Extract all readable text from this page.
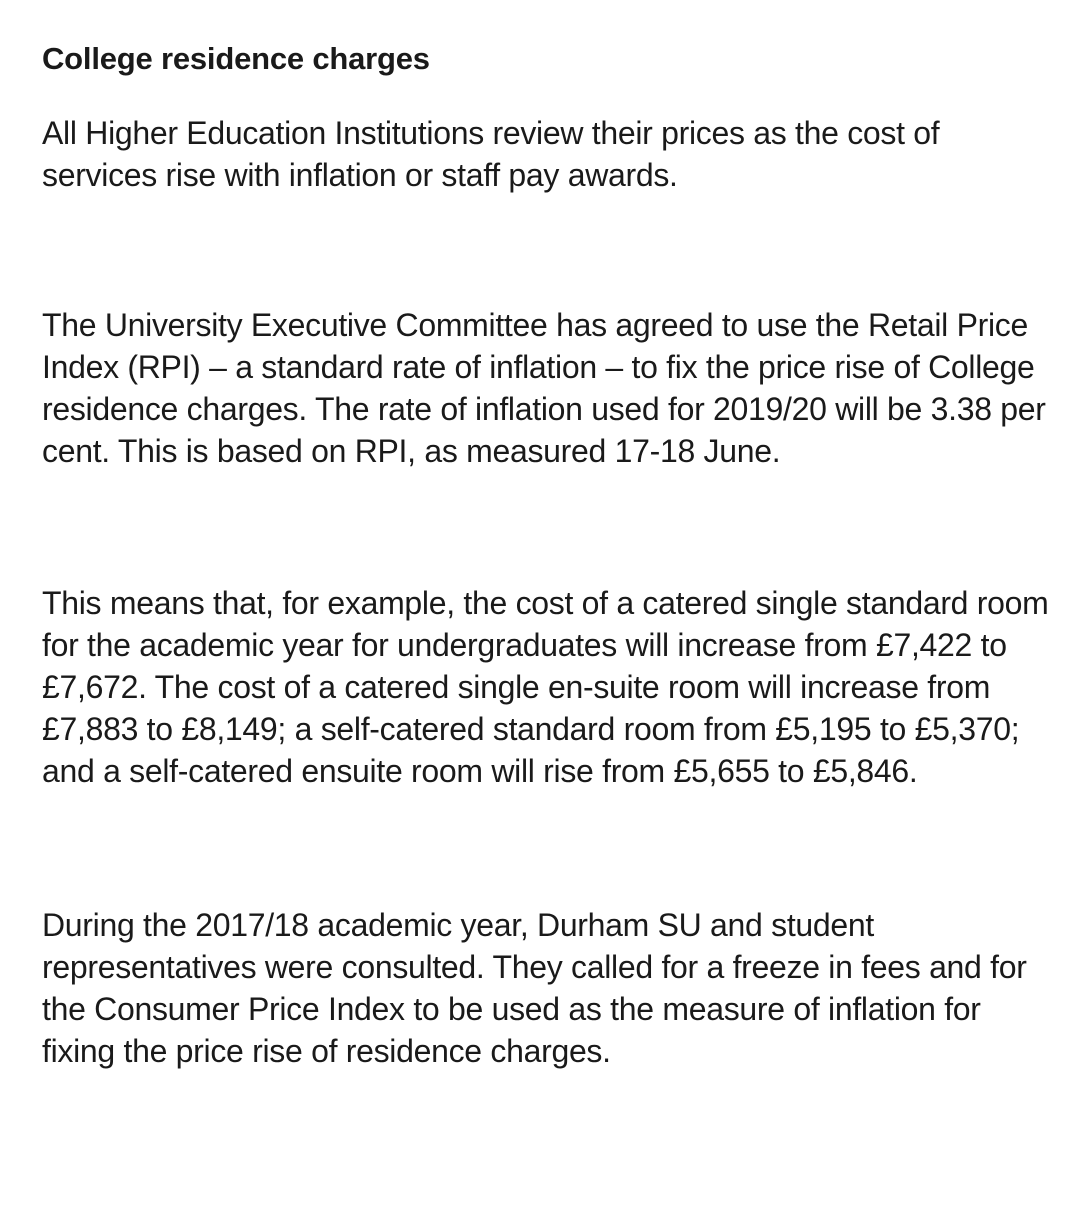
College residence charges

All Higher Education Institutions review their prices as the cost of services rise with inflation or staff pay awards.

The University Executive Committee has agreed to use the Retail Price Index (RPI) – a standard rate of inflation – to fix the price rise of College residence charges. The rate of inflation used for 2019/20 will be 3.38 per cent. This is based on RPI, as measured 17-18 June.

This means that, for example, the cost of a catered single standard room for the academic year for undergraduates will increase from £7,422 to £7,672. The cost of a catered single en-suite room will increase from £7,883 to £8,149; a self-catered standard room from £5,195 to £5,370; and a self-catered ensuite room will rise from £5,655 to £5,846.

During the 2017/18 academic year, Durham SU and student representatives were consulted. They called for a freeze in fees and for the Consumer Price Index to be used as the measure of inflation for fixing the price rise of residence charges.
